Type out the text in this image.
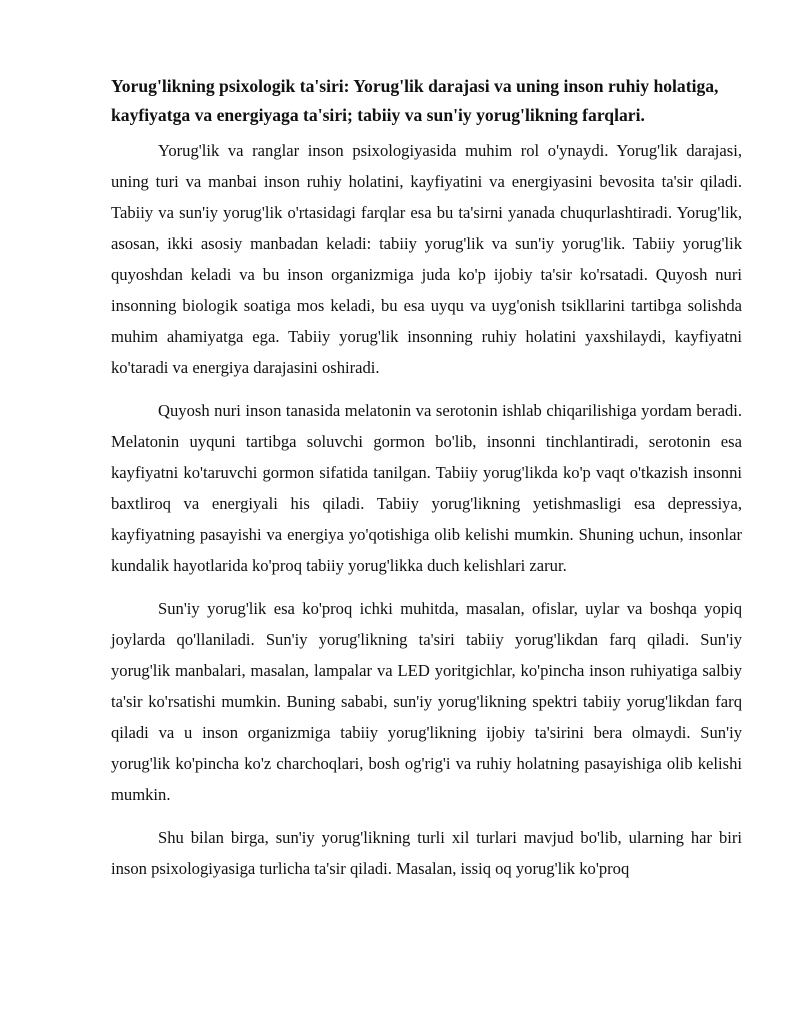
Yorug'likning psixologik ta'siri: Yorug'lik darajasi va uning inson ruhiy holatiga, kayfiyatga va energiyaga ta'siri; tabiiy va sun'iy yorug'likning farqlari.

Yorug'lik va ranglar inson psixologiyasida muhim rol o'ynaydi. Yorug'lik darajasi, uning turi va manbai inson ruhiy holatini, kayfiyatini va energiyasini bevosita ta'sir qiladi. Tabiiy va sun'iy yorug'lik o'rtasidagi farqlar esa bu ta'sirni yanada chuqurlashtiradi. Yorug'lik, asosan, ikki asosiy manbadan keladi: tabiiy yorug'lik va sun'iy yorug'lik. Tabiiy yorug'lik quyoshdan keladi va bu inson organizmiga juda ko'p ijobiy ta'sir ko'rsatadi. Quyosh nuri insonning biologik soatiga mos keladi, bu esa uyqu va uyg'onish tsikllarini tartibga solishda muhim ahamiyatga ega. Tabiiy yorug'lik insonning ruhiy holatini yaxshilaydi, kayfiyatni ko'taradi va energiya darajasini oshiradi.

Quyosh nuri inson tanasida melatonin va serotonin ishlab chiqarilishiga yordam beradi. Melatonin uyquni tartibga soluvchi gormon bo'lib, insonni tinchlantiradi, serotonin esa kayfiyatni ko'taruvchi gormon sifatida tanilgan. Tabiiy yorug'likda ko'p vaqt o'tkazish insonni baxtliroq va energiyali his qiladi. Tabiiy yorug'likning yetishmasligi esa depressiya, kayfiyatning pasayishi va energiya yo'qotishiga olib kelishi mumkin. Shuning uchun, insonlar kundalik hayotlarida ko'proq tabiiy yorug'likka duch kelishlari zarur.

Sun'iy yorug'lik esa ko'proq ichki muhitda, masalan, ofislar, uylar va boshqa yopiq joylarda qo'llaniladi. Sun'iy yorug'likning ta'siri tabiiy yorug'likdan farq qiladi. Sun'iy yorug'lik manbalari, masalan, lampalar va LED yoritgichlar, ko'pincha inson ruhiyatiga salbiy ta'sir ko'rsatishi mumkin. Buning sababi, sun'iy yorug'likning spektri tabiiy yorug'likdan farq qiladi va u inson organizmiga tabiiy yorug'likning ijobiy ta'sirini bera olmaydi. Sun'iy yorug'lik ko'pincha ko'z charchoqlari, bosh og'rig'i va ruhiy holatning pasayishiga olib kelishi mumkin.

Shu bilan birga, sun'iy yorug'likning turli xil turlari mavjud bo'lib, ularning har biri inson psixologiyasiga turlicha ta'sir qiladi. Masalan, issiq oq yorug'lik ko'proq
